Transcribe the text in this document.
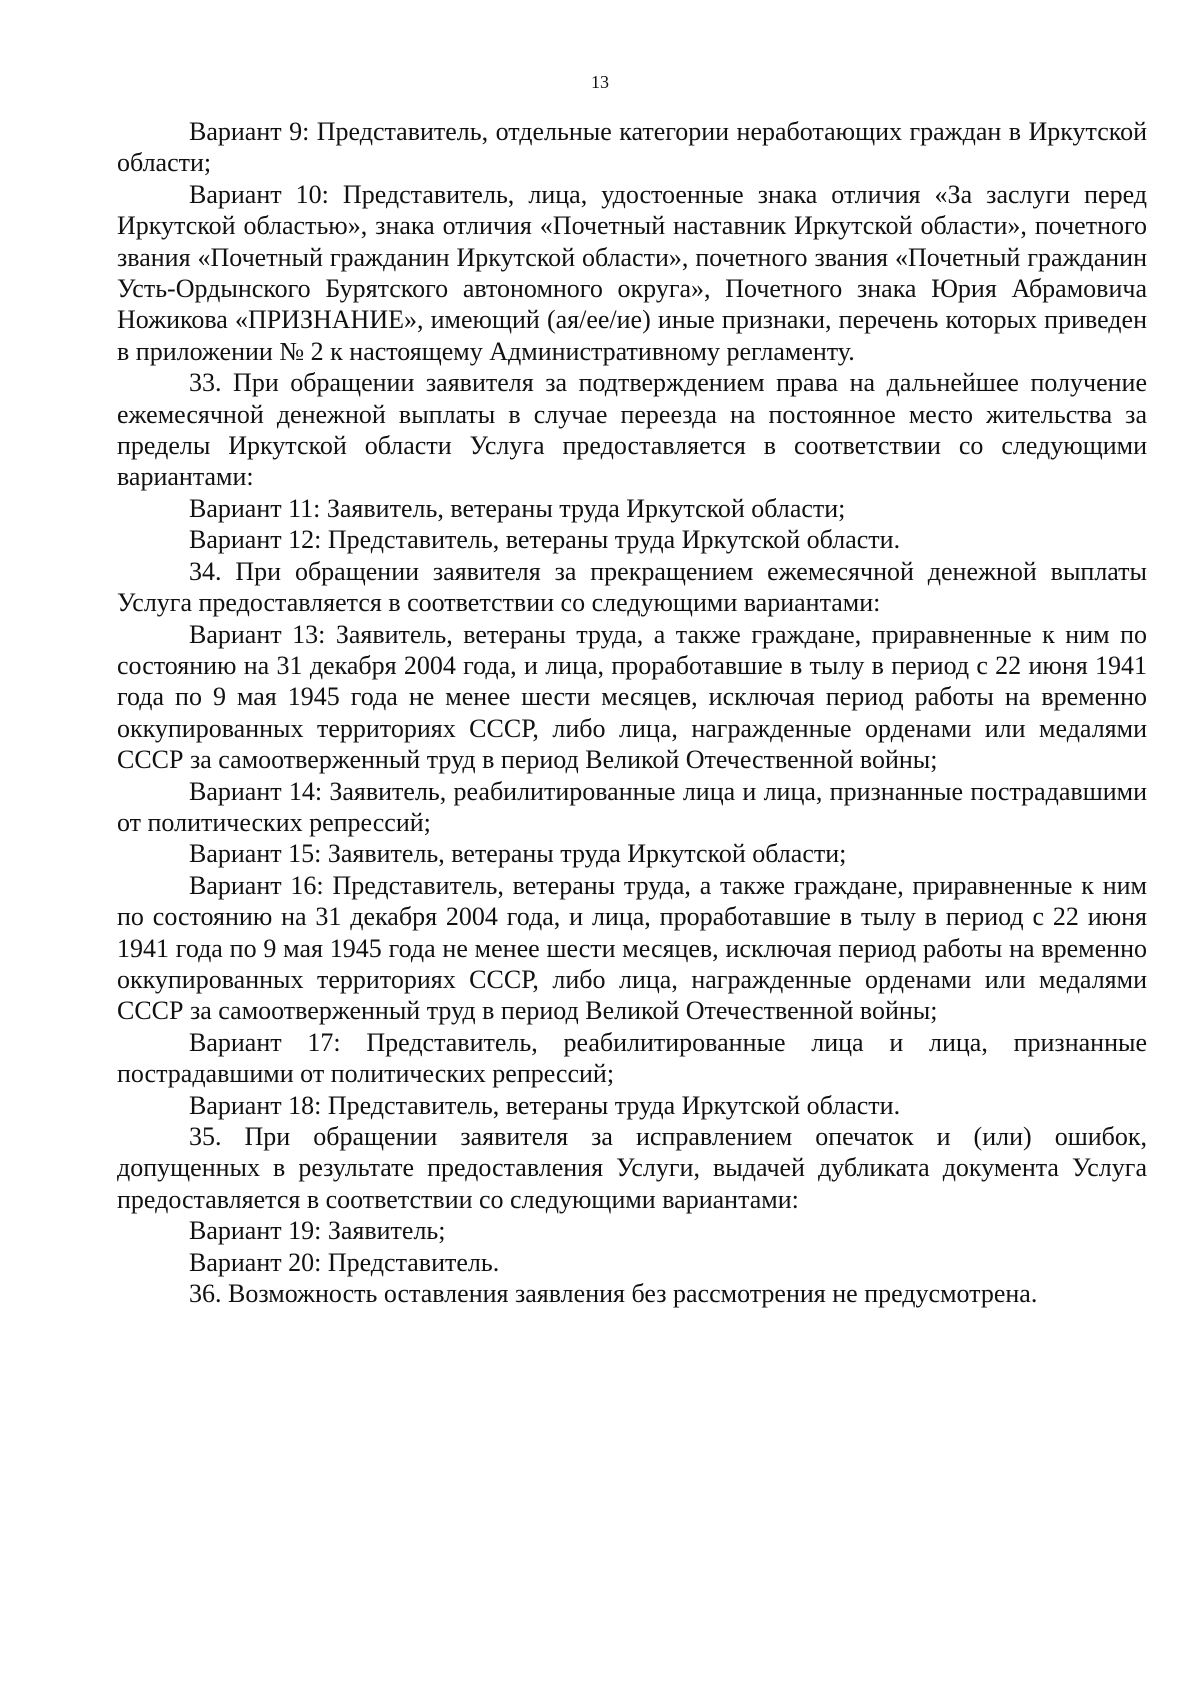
13

Вариант 9: Представитель, отдельные категории неработающих граждан в Иркутской области;

Вариант 10: Представитель, лица, удостоенные знака отличия «За заслуги перед Иркутской областью», знака отличия «Почетный наставник Иркутской области», почетного звания «Почетный гражданин Иркутской области», почетного звания «Почетный гражданин Усть-Ордынского Бурятского автономного округа», Почетного знака Юрия Абрамовича Ножикова «ПРИЗНАНИЕ», имеющий (ая/ее/ие) иные признаки, перечень которых приведен в приложении № 2 к настоящему Административному регламенту.

33. При обращении заявителя за подтверждением права на дальнейшее получение ежемесячной денежной выплаты в случае переезда на постоянное место жительства за пределы Иркутской области Услуга предоставляется в соответствии со следующими вариантами:

Вариант 11: Заявитель, ветераны труда Иркутской области;

Вариант 12: Представитель, ветераны труда Иркутской области.

34. При обращении заявителя за прекращением ежемесячной денежной выплаты Услуга предоставляется в соответствии со следующими вариантами:

Вариант 13: Заявитель, ветераны труда, а также граждане, приравненные к ним по состоянию на 31 декабря 2004 года, и лица, проработавшие в тылу в период с 22 июня 1941 года по 9 мая 1945 года не менее шести месяцев, исключая период работы на временно оккупированных территориях СССР, либо лица, награжденные орденами или медалями СССР за самоотверженный труд в период Великой Отечественной войны;

Вариант 14: Заявитель, реабилитированные лица и лица, признанные пострадавшими от политических репрессий;

Вариант 15: Заявитель, ветераны труда Иркутской области;

Вариант 16: Представитель, ветераны труда, а также граждане, приравненные к ним по состоянию на 31 декабря 2004 года, и лица, проработавшие в тылу в период с 22 июня 1941 года по 9 мая 1945 года не менее шести месяцев, исключая период работы на временно оккупированных территориях СССР, либо лица, награжденные орденами или медалями СССР за самоотверженный труд в период Великой Отечественной войны;

Вариант 17: Представитель, реабилитированные лица и лица, признанные пострадавшими от политических репрессий;

Вариант 18: Представитель, ветераны труда Иркутской области.

35. При обращении заявителя за исправлением опечаток и (или) ошибок, допущенных в результате предоставления Услуги, выдачей дубликата документа Услуга предоставляется в соответствии со следующими вариантами:

Вариант 19: Заявитель;

Вариант 20: Представитель.

36. Возможность оставления заявления без рассмотрения не предусмотрена.
